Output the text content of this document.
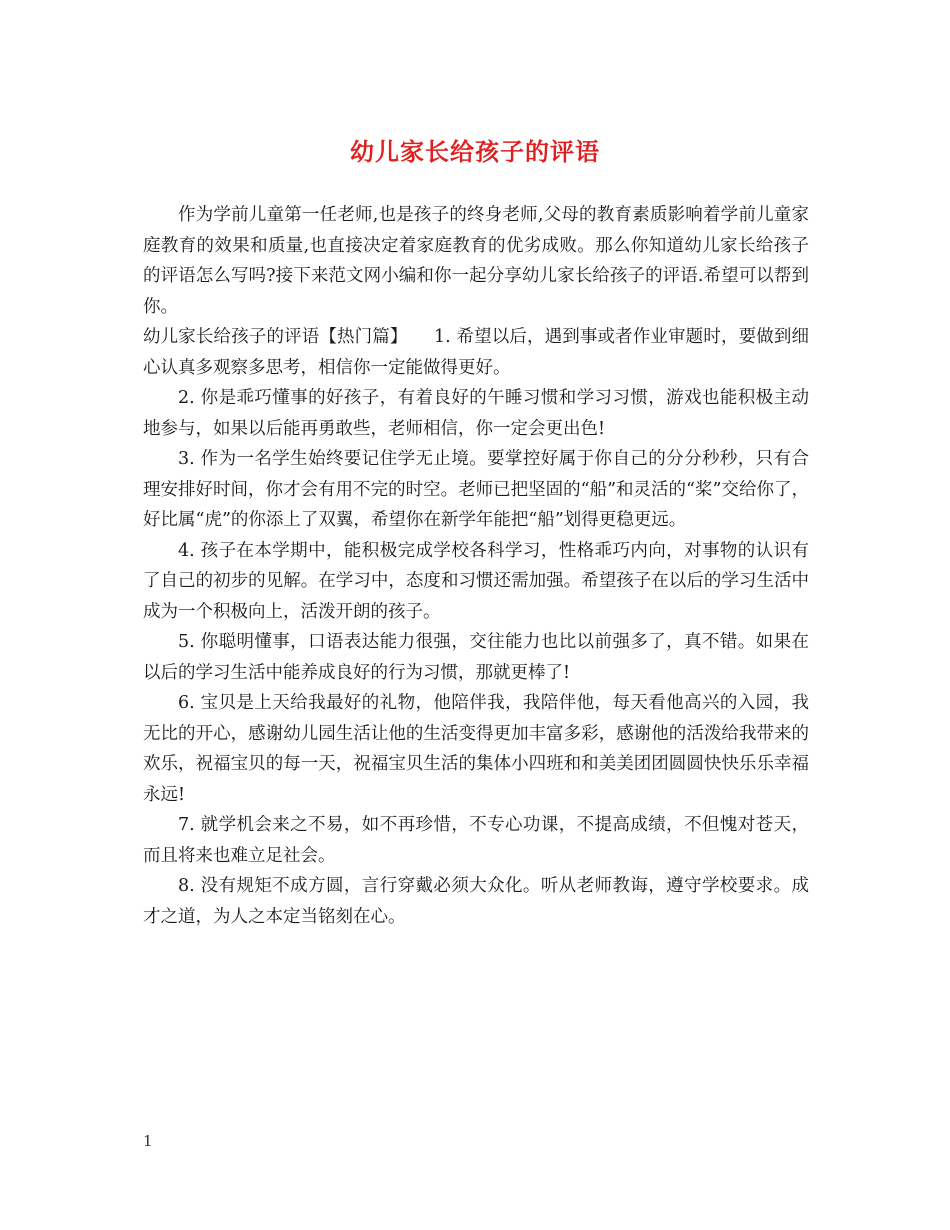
幼儿家长给孩子的评语

作为学前儿童第一任老师,也是孩子的终身老师,父母的教育素质影响着学前儿童家庭教育的效果和质量,也直接决定着家庭教育的优劣成败。那么你知道幼儿家长给孩子的评语怎么写吗?接下来范文网小编和你一起分享幼儿家长给孩子的评语.希望可以帮到你。

幼儿家长给孩子的评语【热门篇】　　1. 希望以后，遇到事或者作业审题时，要做到细心认真多观察多思考，相信你一定能做得更好。

2. 你是乖巧懂事的好孩子，有着良好的午睡习惯和学习习惯，游戏也能积极主动地参与，如果以后能再勇敢些，老师相信，你一定会更出色!

3. 作为一名学生始终要记住学无止境。要掌控好属于你自己的分分秒秒，只有合理安排好时间，你才会有用不完的时空。老师已把坚固的“船”和灵活的“桨”交给你了，好比属“虎”的你添上了双翼，希望你在新学年能把“船”划得更稳更远。

4. 孩子在本学期中，能积极完成学校各科学习，性格乖巧内向，对事物的认识有了自己的初步的见解。在学习中，态度和习惯还需加强。希望孩子在以后的学习生活中成为一个积极向上，活泼开朗的孩子。

5. 你聪明懂事，口语表达能力很强，交往能力也比以前强多了，真不错。如果在以后的学习生活中能养成良好的行为习惯，那就更棒了!

6. 宝贝是上天给我最好的礼物，他陪伴我，我陪伴他，每天看他高兴的入园，我无比的开心，感谢幼儿园生活让他的生活变得更加丰富多彩，感谢他的活泼给我带来的欢乐，祝福宝贝的每一天，祝福宝贝生活的集体小四班和和美美团团圆圆快快乐乐幸福永远!

7. 就学机会来之不易，如不再珍惜，不专心功课，不提高成绩，不但愧对苍天，而且将来也难立足社会。

8. 没有规矩不成方圆，言行穿戴必须大众化。听从老师教诲，遵守学校要求。成才之道，为人之本定当铭刻在心。

1
